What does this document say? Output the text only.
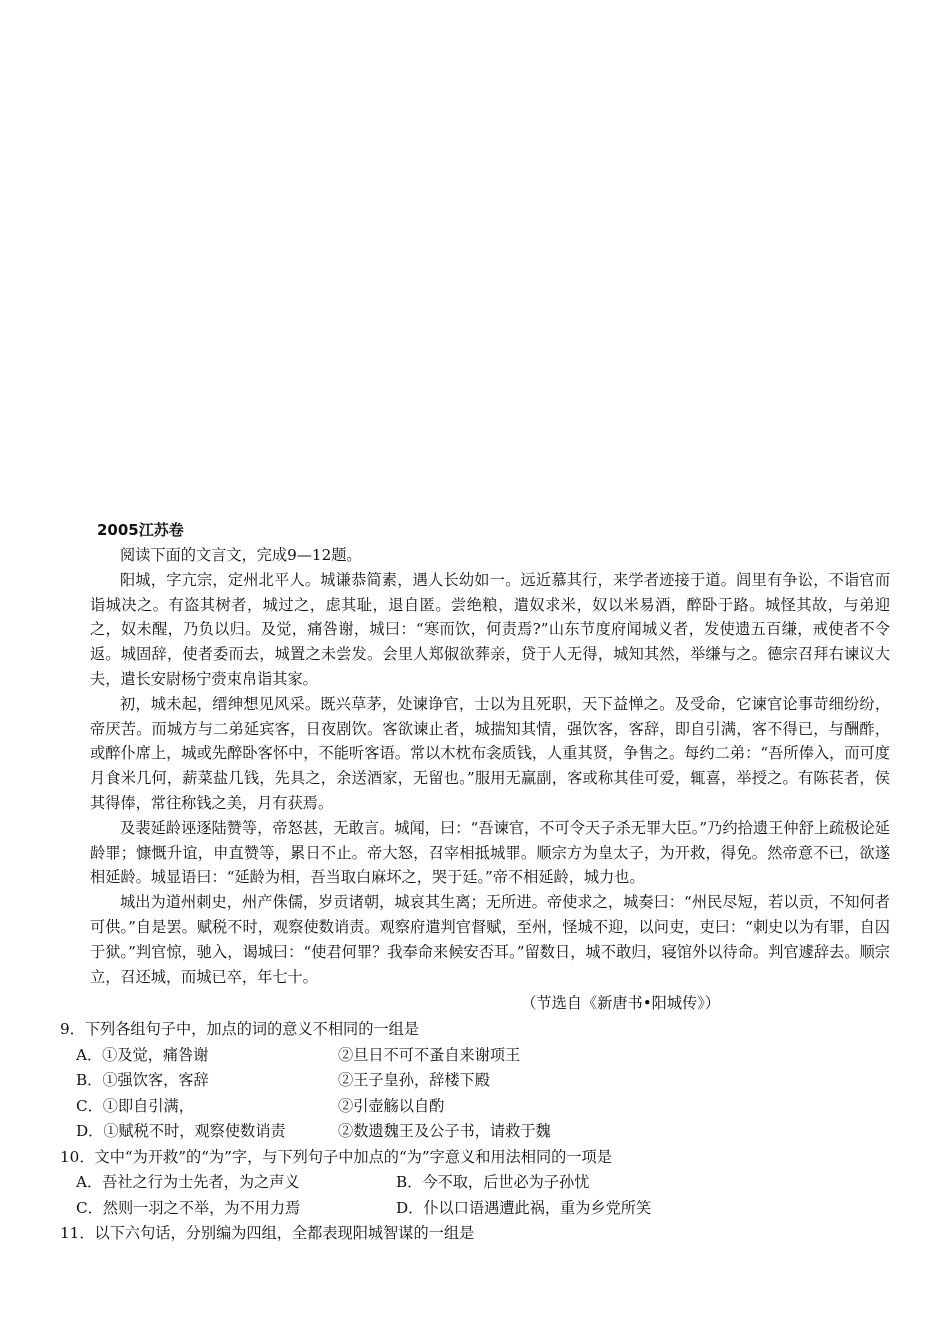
2005江苏卷

阅读下面的文言文，完成9—12题。

阳城，字亢宗，定州北平人。城谦恭简素，遇人长幼如一。远近慕其行，来学者迹接于道。闾里有争讼，不诣官而诣城决之。有盗其树者，城过之，虑其耻，退自匿。尝绝粮，遣奴求米，奴以米易酒，醉卧于路。城怪其故，与弟迎之，奴未醒，乃负以归。及觉，痛咎谢，城曰：“寒而饮，何责焉?”山东节度府闻城义者，发使遗五百缣，戒使者不令返。城固辞，使者委而去，城置之未尝发。会里人郑俶欲葬亲，贷于人无得，城知其然，举缣与之。德宗召拜右谏议大夫，遣长安尉杨宁赍束帛诣其家。

初，城未起，缙绅想见风采。既兴草茅，处谏诤官，士以为且死职，天下益惮之。及受命，它谏官论事苛细纷纷，帝厌苦。而城方与二弟延宾客，日夜剧饮。客欲谏止者，城揣知其情，强饮客，客辞，即自引满，客不得已，与酬酢，或醉仆席上，城或先醉卧客怀中，不能听客语。常以木枕布衾质钱，人重其贤，争售之。每约二弟：“吾所俸入，而可度月食米几何，薪菜盐几钱，先具之，余送酒家，无留也。”服用无赢副，客或称其佳可爱，辄喜，举授之。有陈苌者，侯其得俸，常往称钱之美，月有获焉。

及裴延龄诬逐陆赞等，帝怒甚，无敢言。城闻，曰：“吾谏官，不可令天子杀无罪大臣。”乃约拾遗王仲舒上疏极论延龄罪；慷慨升谊，申直赞等，累日不止。帝大怒，召宰相抵城罪。顺宗方为皇太子，为开救，得免。然帝意不已，欲遂相延龄。城显语曰：“延龄为相，吾当取白麻坏之，哭于廷。”帝不相延龄，城力也。

城出为道州刺史，州产侏儒，岁贡诸朝，城哀其生离；无所进。帝使求之，城奏曰：“州民尽短，若以贡，不知何者可供。”自是罢。赋税不时，观察使数诮责。观察府遣判官督赋，至州，怪城不迎，以问吏，吏曰：“刺史以为有罪，自囚于狱。”判官惊，驰入，谒城曰：“使君何罪？我奉命来候安否耳。”留数日，城不敢归，寝馆外以待命。判官遽辞去。顺宗立，召还城，而城已卒，年七十。

（节选自《新唐书•阳城传》）
9．下列各组句子中，加点的词的意义不相同的一组是
A．①及觉，痛咎谢	②旦日不可不蚤自来谢项王
B．①强饮客，客辞	②王子皇孙，辞楼下殿
C．①即自引满，	②引壶觞以自酌
D．①赋税不时，观察使数诮责	②数遗魏王及公子书，请救于魏
10．文中“为开救”的“为”字，与下列句子中加点的“为”字意义和用法相同的一项是
A．吾社之行为士先者，为之声义	B．今不取，后世必为子孙忧
C．然则一羽之不举，为不用力焉	D．仆以口语遇遭此祸，重为乡党所笑
11．以下六句话，分别编为四组，全都表现阳城智谋的一组是
